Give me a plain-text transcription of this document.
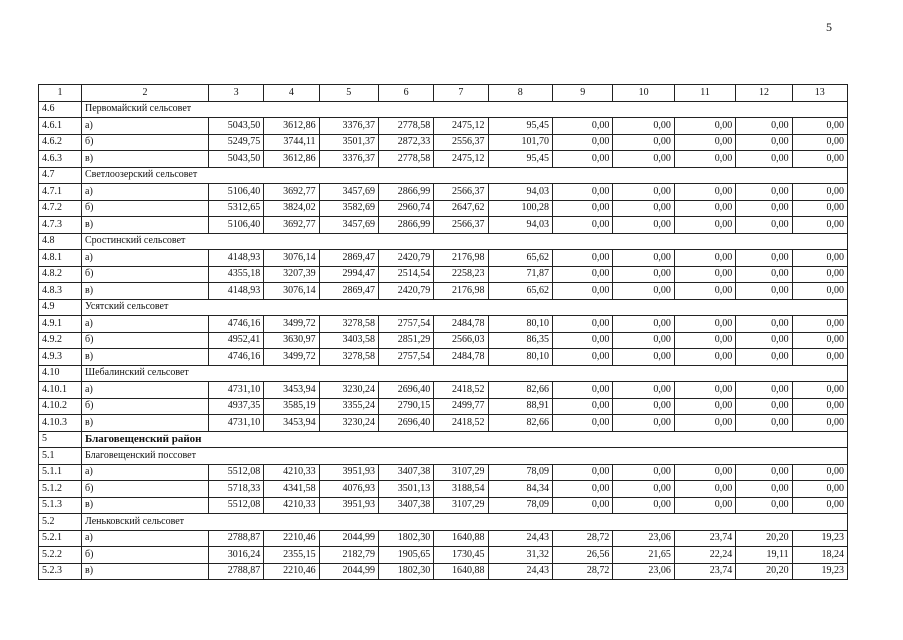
5
1	2	3	4	5	6	7	8	9	10	11	12	13
4.6	Первомайский сельсовет											
4.6.1	а)	5043,50	3612,86	3376,37	2778,58	2475,12	95,45	0,00	0,00	0,00	0,00	0,00
4.6.2	б)	5249,75	3744,11	3501,37	2872,33	2556,37	101,70	0,00	0,00	0,00	0,00	0,00
4.6.3	в)	5043,50	3612,86	3376,37	2778,58	2475,12	95,45	0,00	0,00	0,00	0,00	0,00
4.7	Светлоозерский сельсовет											
4.7.1	а)	5106,40	3692,77	3457,69	2866,99	2566,37	94,03	0,00	0,00	0,00	0,00	0,00
4.7.2	б)	5312,65	3824,02	3582,69	2960,74	2647,62	100,28	0,00	0,00	0,00	0,00	0,00
4.7.3	в)	5106,40	3692,77	3457,69	2866,99	2566,37	94,03	0,00	0,00	0,00	0,00	0,00
4.8	Сростинский сельсовет											
4.8.1	а)	4148,93	3076,14	2869,47	2420,79	2176,98	65,62	0,00	0,00	0,00	0,00	0,00
4.8.2	б)	4355,18	3207,39	2994,47	2514,54	2258,23	71,87	0,00	0,00	0,00	0,00	0,00
4.8.3	в)	4148,93	3076,14	2869,47	2420,79	2176,98	65,62	0,00	0,00	0,00	0,00	0,00
4.9	Усятский сельсовет											
4.9.1	а)	4746,16	3499,72	3278,58	2757,54	2484,78	80,10	0,00	0,00	0,00	0,00	0,00
4.9.2	б)	4952,41	3630,97	3403,58	2851,29	2566,03	86,35	0,00	0,00	0,00	0,00	0,00
4.9.3	в)	4746,16	3499,72	3278,58	2757,54	2484,78	80,10	0,00	0,00	0,00	0,00	0,00
4.10	Шебалинский сельсовет											
4.10.1	а)	4731,10	3453,94	3230,24	2696,40	2418,52	82,66	0,00	0,00	0,00	0,00	0,00
4.10.2	б)	4937,35	3585,19	3355,24	2790,15	2499,77	88,91	0,00	0,00	0,00	0,00	0,00
4.10.3	в)	4731,10	3453,94	3230,24	2696,40	2418,52	82,66	0,00	0,00	0,00	0,00	0,00
5	Благовещенский район											
5.1	Благовещенский поссовет											
5.1.1	а)	5512,08	4210,33	3951,93	3407,38	3107,29	78,09	0,00	0,00	0,00	0,00	0,00
5.1.2	б)	5718,33	4341,58	4076,93	3501,13	3188,54	84,34	0,00	0,00	0,00	0,00	0,00
5.1.3	в)	5512,08	4210,33	3951,93	3407,38	3107,29	78,09	0,00	0,00	0,00	0,00	0,00
5.2	Леньковский сельсовет											
5.2.1	а)	2788,87	2210,46	2044,99	1802,30	1640,88	24,43	28,72	23,06	23,74	20,20	19,23
5.2.2	б)	3016,24	2355,15	2182,79	1905,65	1730,45	31,32	26,56	21,65	22,24	19,11	18,24
5.2.3	в)	2788,87	2210,46	2044,99	1802,30	1640,88	24,43	28,72	23,06	23,74	20,20	19,23
